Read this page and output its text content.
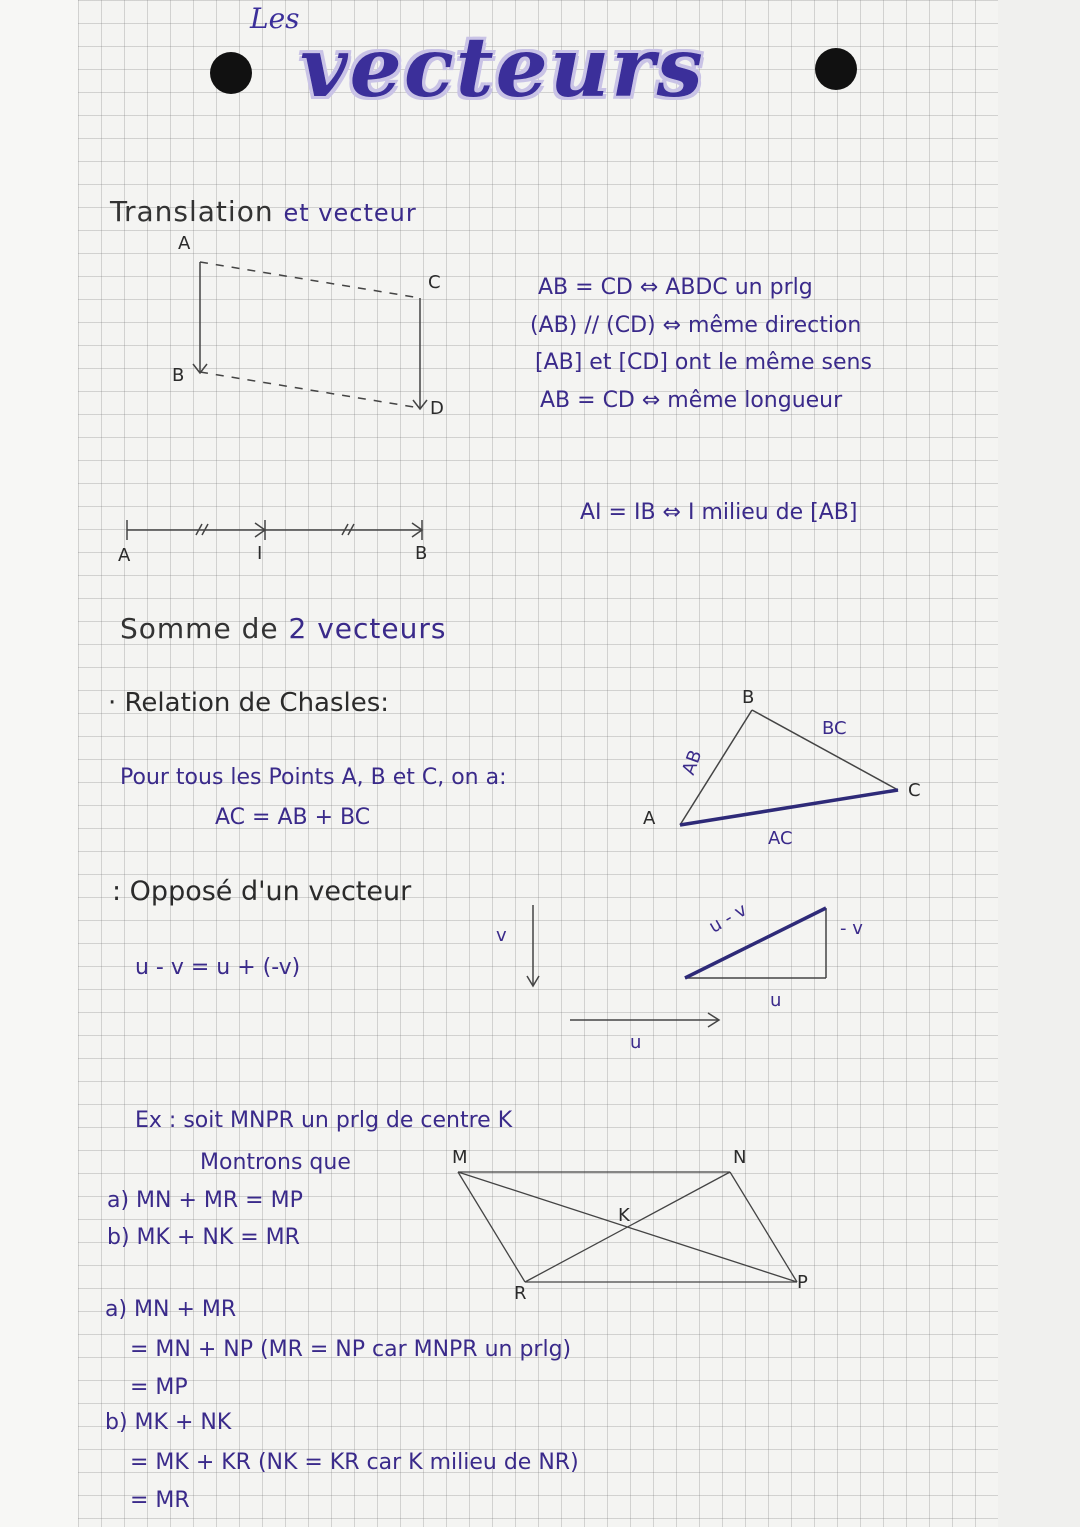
Les
vecteurs
Translation et vecteur
AB = CD ⇔ ABDC un prlg
(AB) // (CD) ⇔ même direction
[AB] et [CD] ont le même sens
AB = CD ⇔ même longueur
AI = IB ⇔ I milieu de [AB]
A
B
C
D
A	I	B
Somme de 2 vecteurs
· Relation de Chasles:
Pour tous les Points A, B et C, on a:
AC = AB + BC	A
B
C
AB
BC
AC
: Opposé d'un vecteur
u - v = u + (-v)
v
u
u - v	- v
u
Ex : soit MNPR un prlg de centre K
Montrons que
a) MN + MR = MP
b) MK + NK = MR
M	N
K
R
P
a) MN + MR
= MN + NP (MR = NP car MNPR un prlg)
= MP
b) MK + NK
= MK + KR (NK = KR car K milieu de NR)
= MR
